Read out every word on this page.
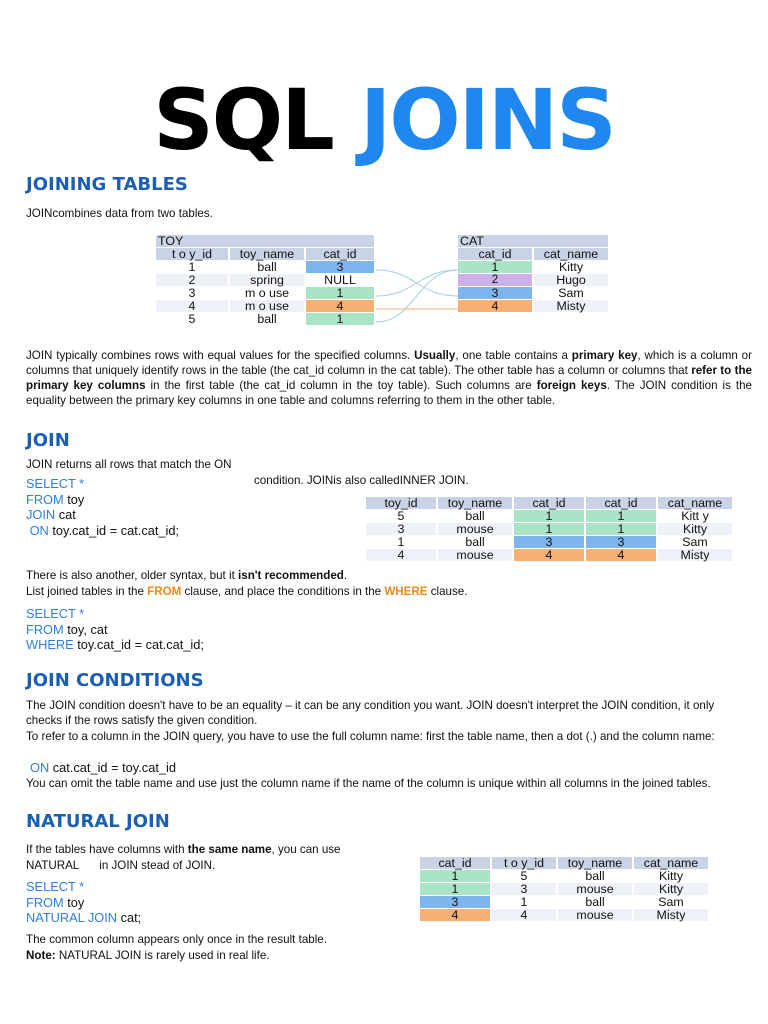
SQL JOINS
JOINING TABLES
JOINcombines data from two tables.
TOY		
t o y_id	toy_name	cat_id
1	ball	3
2	spring	NULL
3	m o use	1
4	m o use	4
5	ball	1
CAT	
cat_id	cat_name
1	Kitty
2	Hugo
3	Sam
4	Misty
JOIN typically combines rows with equal values for the specified columns. Usually, one table contains a primary key, which is a column or columns that uniquely identify rows in the table (the cat_id column in the cat table). The other table has a column or columns that refer to the primary key columns in the first table (the cat_id column in the toy table). Such columns are foreign keys. The JOIN condition is the equality between the primary key columns in one table and columns referring to them in the other table.
JOIN
JOIN returns all rows that match the ON
condition. JOINis also calledINNER JOIN.
SELECT *
FROM toy
JOIN cat
ON toy.cat_id = cat.cat_id;
toy_id	toy_name	cat_id	cat_id	cat_name
5	ball	1	1	Kitt y
3	mouse	1	1	Kitty
1	ball	3	3	Sam
4	mouse	4	4	Misty
There is also another, older syntax, but it isn't recommended.
List joined tables in the FROM clause, and place the conditions in the WHERE clause.
SELECT *
FROM toy, cat
WHERE toy.cat_id = cat.cat_id;
JOIN CONDITIONS
The JOIN condition doesn't have to be an equality – it can be any condition you want. JOIN doesn't interpret the JOIN condition, it only checks if the rows satisfy the given condition.
To refer to a column in the JOIN query, you have to use the full column name: first the table name, then a dot (.) and the column name:
ON cat.cat_id = toy.cat_id
You can omit the table name and use just the column name if the name of the column is unique within all columns in the joined tables.
NATURAL JOIN
If the tables have columns with the same name, you can use
NATURAL in JOIN stead of JOIN.
SELECT *
FROM toy
NATURAL JOIN cat;
cat_id	t o y_id	toy_name	cat_name
1	5	ball	Kitty
1	3	mouse	Kitty
3	1	ball	Sam
4	4	mouse	Misty
The common column appears only once in the result table.
Note: NATURAL JOIN is rarely used in real life.
